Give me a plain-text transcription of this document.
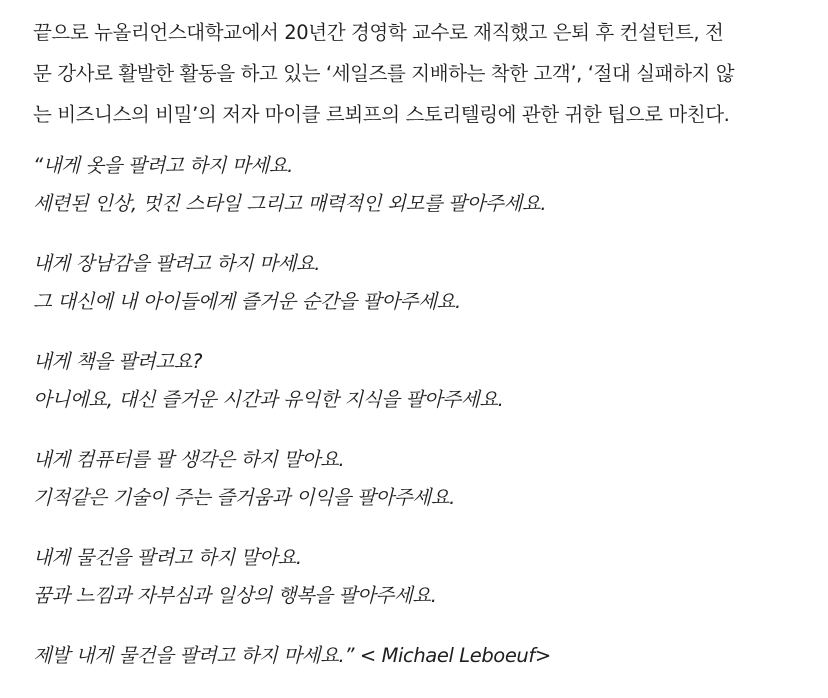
끝으로 뉴올리언스대학교에서 20년간 경영학 교수로 재직했고 은퇴 후 컨설턴트, 전
문 강사로 활발한 활동을 하고 있는 ‘세일즈를 지배하는 착한 고객’, ‘절대 실패하지 않
는 비즈니스의 비밀’의 저자 마이클 르뵈프의 스토리텔링에 관한 귀한 팁으로 마친다.

“내게 옷을 팔려고 하지 마세요.
세련된 인상, 멋진 스타일 그리고 매력적인 외모를 팔아주세요.

내게 장남감을 팔려고 하지 마세요.
그 대신에 내 아이들에게 즐거운 순간을 팔아주세요.

내게 책을 팔려고요?
아니에요, 대신 즐거운 시간과 유익한 지식을 팔아주세요.

내게 컴퓨터를 팔 생각은 하지 말아요.
기적같은 기술이 주는 즐거움과 이익을 팔아주세요.

내게 물건을 팔려고 하지 말아요.
꿈과 느낌과 자부심과 일상의 행복을 팔아주세요.

제발 내게 물건을 팔려고 하지 마세요.” < Michael Leboeuf>
